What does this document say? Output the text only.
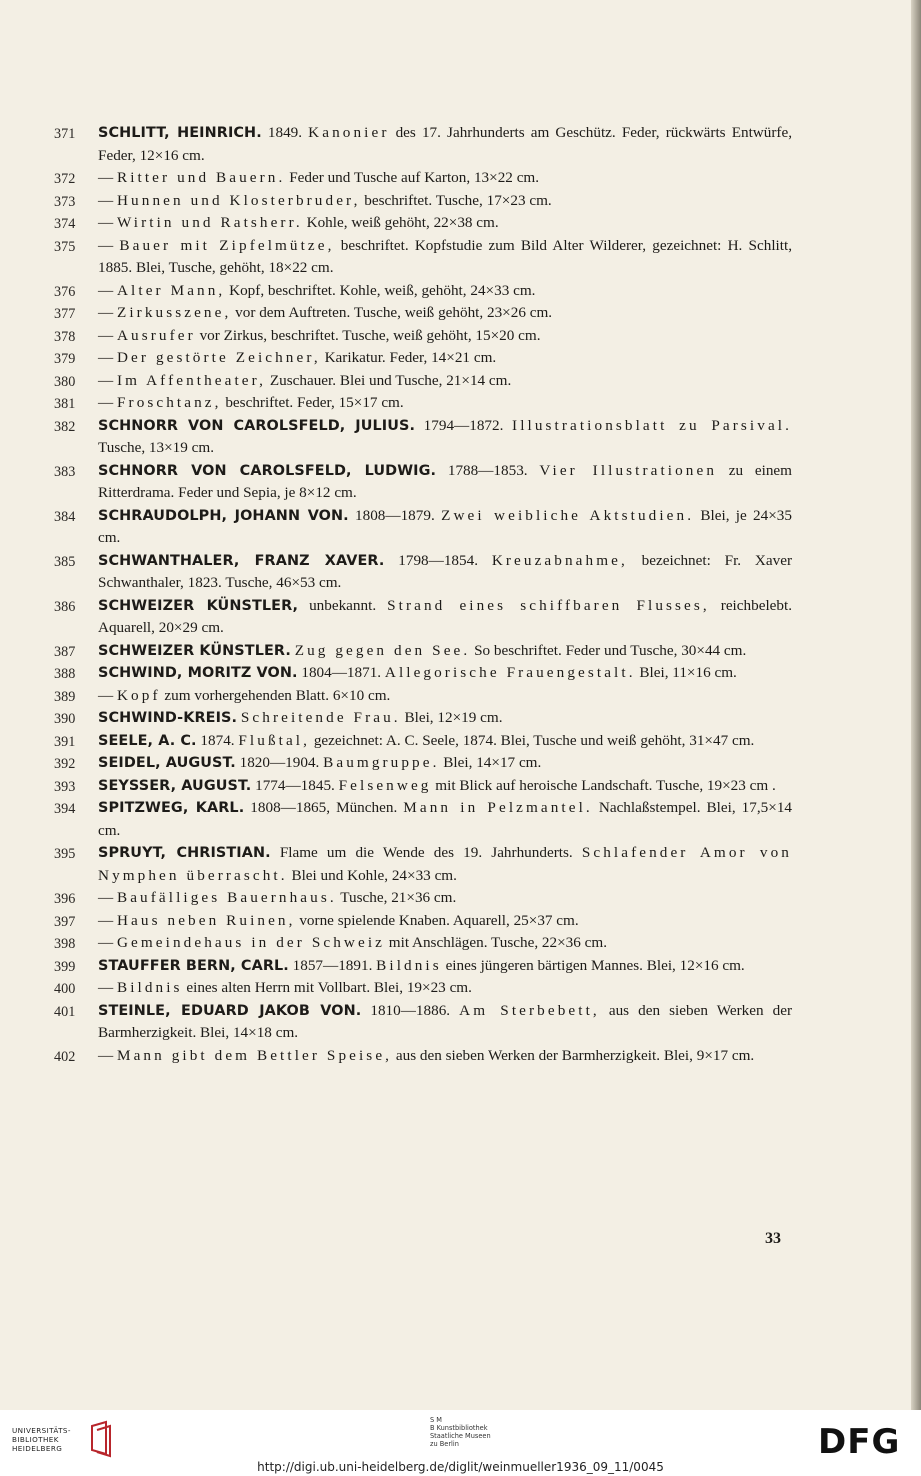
371	SCHLITT, HEINRICH. 1849. Kanonier des 17. Jahrhunderts am Geschütz. Feder, rückwärts Entwürfe, Feder, 12×16 cm.
372	— Ritter und Bauern. Feder und Tusche auf Karton, 13×22 cm.
373	— Hunnen und Klosterbruder, beschriftet. Tusche, 17×23 cm.
374	— Wirtin und Ratsherr. Kohle, weiß gehöht, 22×38 cm.
375	— Bauer mit Zipfelmütze, beschriftet. Kopfstudie zum Bild Alter Wilderer, gezeichnet: H. Schlitt, 1885. Blei, Tusche, gehöht, 18×22 cm.
376	— Alter Mann, Kopf, beschriftet. Kohle, weiß, gehöht, 24×33 cm.
377	— Zirkusszene, vor dem Auftreten. Tusche, weiß gehöht, 23×26 cm.
378	— Ausrufer vor Zirkus, beschriftet. Tusche, weiß gehöht, 15×20 cm.
379	— Der gestörte Zeichner, Karikatur. Feder, 14×21 cm.
380	— Im Affentheater, Zuschauer. Blei und Tusche, 21×14 cm.
381	— Froschtanz, beschriftet. Feder, 15×17 cm.
382	SCHNORR VON CAROLSFELD, JULIUS. 1794—1872. Illustrationsblatt zu Parsival. Tusche, 13×19 cm.
383	SCHNORR VON CAROLSFELD, LUDWIG. 1788—1853. Vier Illustrationen zu einem Ritterdrama. Feder und Sepia, je 8×12 cm.
384	SCHRAUDOLPH, JOHANN VON. 1808—1879. Zwei weibliche Aktstudien. Blei, je 24×35 cm.
385	SCHWANTHALER, FRANZ XAVER. 1798—1854. Kreuzabnahme, bezeichnet: Fr. Xaver Schwanthaler, 1823. Tusche, 46×53 cm.
386	SCHWEIZER KÜNSTLER, unbekannt. Strand eines schiffbaren Flusses, reichbelebt. Aquarell, 20×29 cm.
387	SCHWEIZER KÜNSTLER. Zug gegen den See. So beschriftet. Feder und Tusche, 30×44 cm.
388	SCHWIND, MORITZ VON. 1804—1871. Allegorische Frauengestalt. Blei, 11×16 cm.
389	— Kopf zum vorhergehenden Blatt. 6×10 cm.
390	SCHWIND-KREIS. Schreitende Frau. Blei, 12×19 cm.
391	SEELE, A. C. 1874. Flußtal, gezeichnet: A. C. Seele, 1874. Blei, Tusche und weiß gehöht, 31×47 cm.
392	SEIDEL, AUGUST. 1820—1904. Baumgruppe. Blei, 14×17 cm.
393	SEYSSER, AUGUST. 1774—1845. Felsenweg mit Blick auf heroische Landschaft. Tusche, 19×23 cm .
394	SPITZWEG, KARL. 1808—1865, München. Mann in Pelzmantel. Nachlaßstempel. Blei, 17,5×14 cm.
395	SPRUYT, CHRISTIAN. Flame um die Wende des 19. Jahrhunderts. Schlafender Amor von Nymphen überrascht. Blei und Kohle, 24×33 cm.
396	— Baufälliges Bauernhaus. Tusche, 21×36 cm.
397	— Haus neben Ruinen, vorne spielende Knaben. Aquarell, 25×37 cm.
398	— Gemeindehaus in der Schweiz mit Anschlägen. Tusche, 22×36 cm.
399	STAUFFER BERN, CARL. 1857—1891. Bildnis eines jüngeren bärtigen Mannes. Blei, 12×16 cm.
400	— Bildnis eines alten Herrn mit Vollbart. Blei, 19×23 cm.
401	STEINLE, EDUARD JAKOB VON. 1810—1886. Am Sterbebett, aus den sieben Werken der Barmherzigkeit. Blei, 14×18 cm.
402	— Mann gibt dem Bettler Speise, aus den sieben Werken der Barmherzigkeit. Blei, 9×17 cm.
33
UNIVERSITÄTS-
BIBLIOTHEK
HEIDELBERG
S M
B Kunstbibliothek
Staatliche Museen
zu Berlin	DFG
http://digi.ub.uni-heidelberg.de/diglit/weinmueller1936_09_11/0045
